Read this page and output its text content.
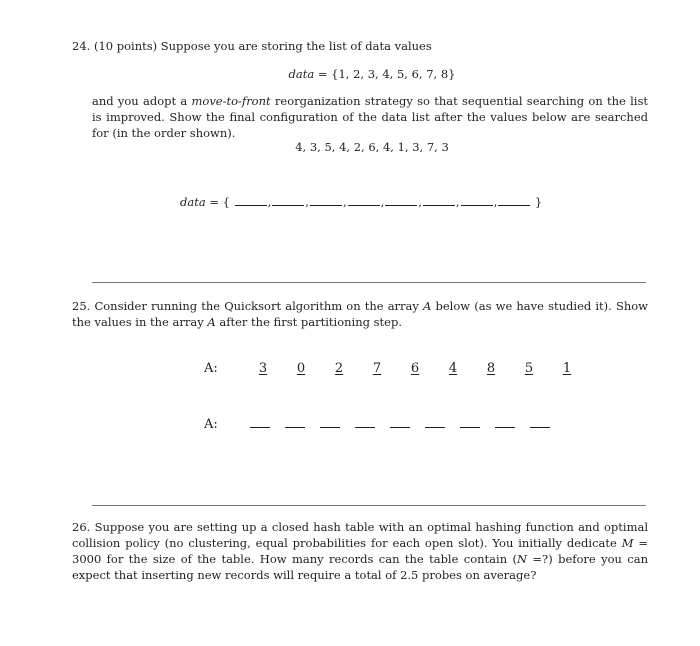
24. (10 points) Suppose you are storing the list of data values
data = {1, 2, 3, 4, 5, 6, 7, 8}
and you adopt a move-to-front reorganization strategy so that sequential searching on the list is improved. Show the final configuration of the data list after the values below are searched for (in the order shown).
4, 3, 5, 4, 2, 6, 4, 1, 3, 7, 3
data = {	,	,	,	,	,	,	,	}
25. Consider running the Quicksort algorithm on the array A below (as we have studied it). Show the values in the array A after the first partitioning step.
A:	3 0 2 7 6 4 8 5 1
A:
26. Suppose you are setting up a closed hash table with an optimal hashing function and optimal collision policy (no clustering, equal probabilities for each open slot). You initially dedicate M = 3000 for the size of the table. How many records can the table contain (N =?) before you can expect that inserting new records will require a total of 2.5 probes on average?
